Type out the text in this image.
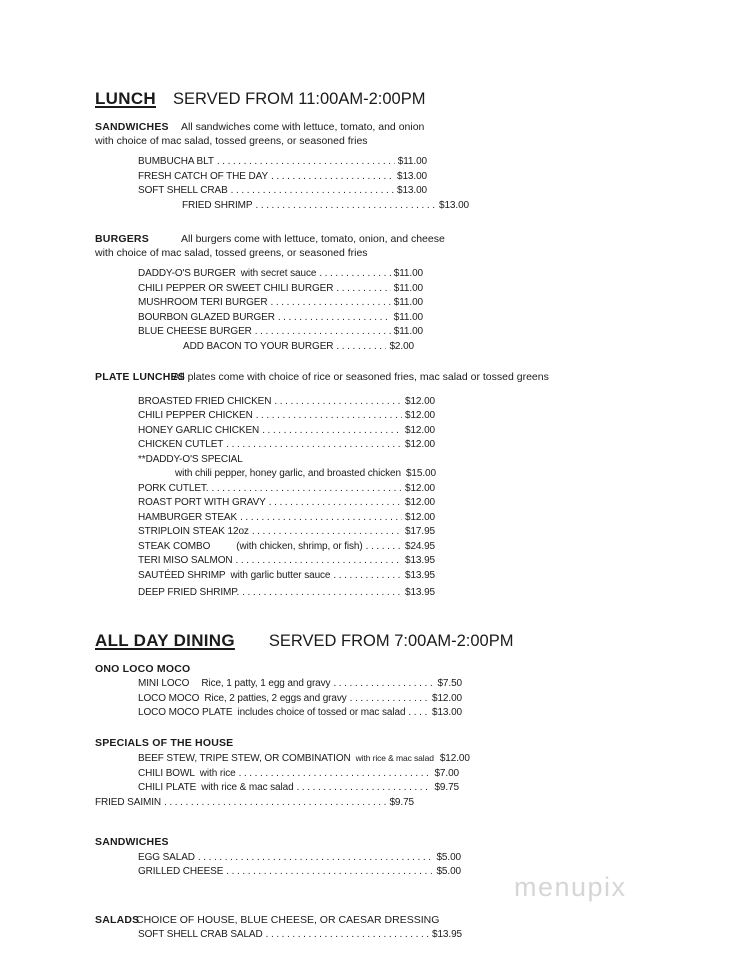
LUNCH SERVED FROM 11:00AM-2:00PM
SANDWICHES All sandwiches come with lettuce, tomato, and onion
with choice of mac salad, tossed greens, or seasoned fries
BUMBUCHA BLT . . .	$11.00
FRESH CATCH OF THE DAY . . .	$13.00
SOFT SHELL CRAB . . .	$13.00
FRIED SHRIMP . . .	$13.00
BURGERS	All burgers come with lettuce, tomato, onion, and cheese
with choice of mac salad, tossed greens, or seasoned fries
DADDY-O'S BURGER with secret sauce . . .	$11.00
CHILI PEPPER OR SWEET CHILI BURGER . . .	$11.00
MUSHROOM TERI BURGER . . .	$11.00
BOURBON GLAZED BURGER . . .	$11.00
BLUE CHEESE BURGER . . .	$11.00
ADD BACON TO YOUR BURGER . . .	$2.00
PLATE LUNCHES
All plates come with choice of rice or seasoned fries, mac salad or tossed greens
BROASTED FRIED CHICKEN . . .	$12.00
CHILI PEPPER CHICKEN . . .	$12.00
HONEY GARLIC CHICKEN . . .	$12.00
CHICKEN CUTLET . . .	$12.00
**DADDY-O'S SPECIAL
with chili pepper, honey garlic, and broasted chicken $15.00
PORK CUTLET. . . .	$12.00
ROAST PORT WITH GRAVY . . .	$12.00
HAMBURGER STEAK . . .	$12.00
STRIPLOIN STEAK 12oz . . .	$17.95
STEAK COMBO	(with chicken, shrimp, or fish) . . .	$24.95
TERI MISO SALMON . . .	$13.95
SAUTÉED SHRIMP with garlic butter sauce . . .	$13.95
DEEP FRIED SHRIMP. . . .	$13.95
ALL DAY DINING SERVED FROM 7:00AM-2:00PM
ONO LOCO MOCO
MINI LOCO Rice, 1 patty, 1 egg and gravy . . .	$7.50
LOCO MOCO Rice, 2 patties, 2 eggs and gravy . . .	$12.00
LOCO MOCO PLATE includes choice of tossed or mac salad . . .	$13.00
SPECIALS OF THE HOUSE
BEEF STEW, TRIPE STEW, OR COMBINATION with rice & mac salad $12.00
CHILI BOWL with rice . . .	$7.00
CHILI PLATE with rice & mac salad . . .	$9.75
FRIED SAIMIN . . .	$9.75
SANDWICHES
EGG SALAD . . .	$5.00
GRILLED CHEESE . . .	$5.00
SALADS
CHOICE OF HOUSE, BLUE CHEESE, OR CAESAR DRESSING
SOFT SHELL CRAB SALAD . . .	$13.95
menupix
